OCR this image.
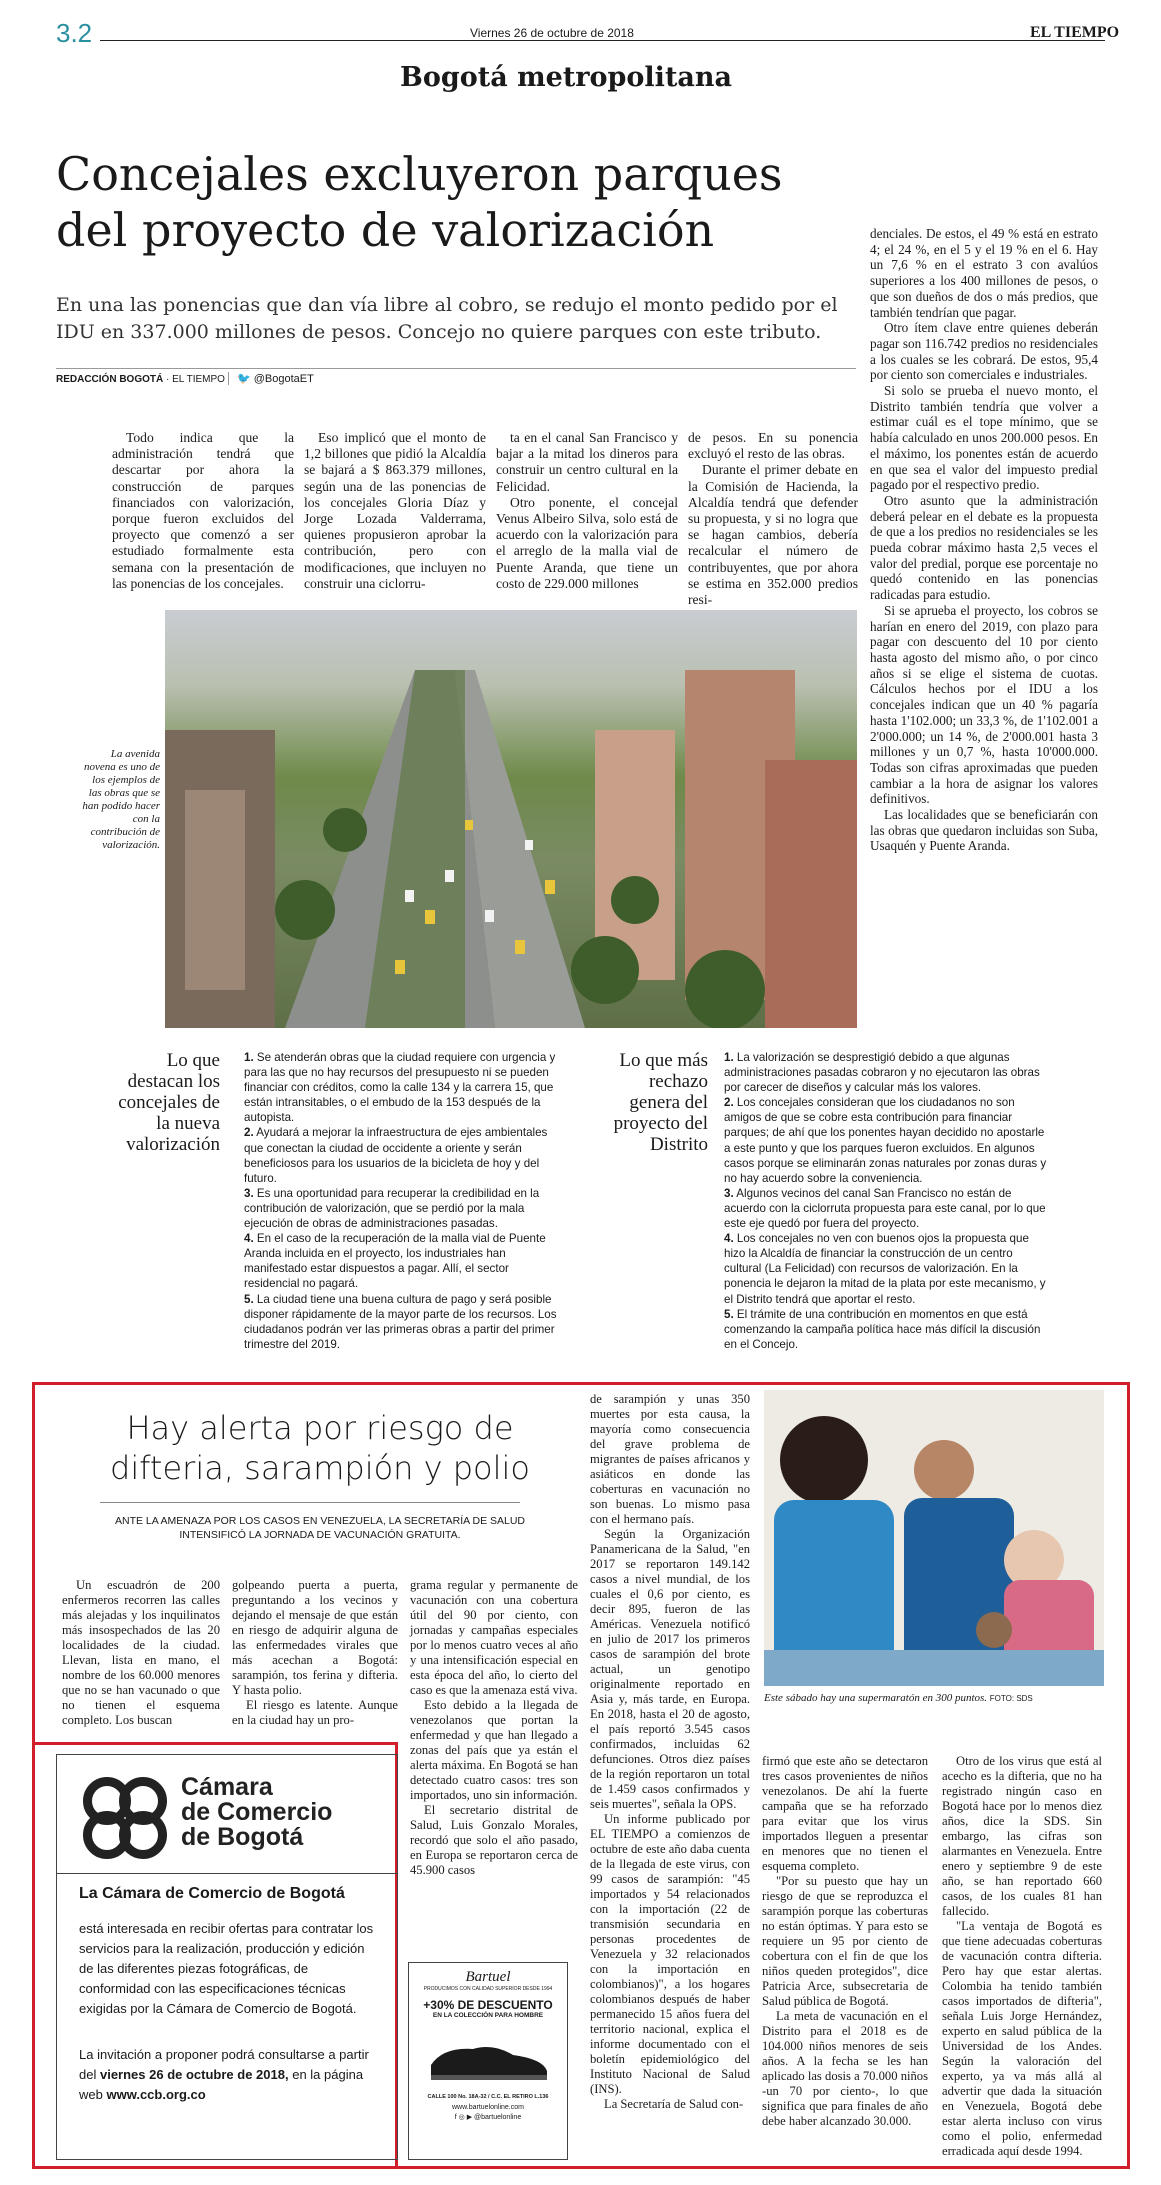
3.2	Viernes 26 de octubre de 2018	EL TIEMPO
Bogotá metropolitana
Concejales excluyeron parques
del proyecto de valorización
En una las ponencias que dan vía libre al cobro, se redujo el monto pedido por el IDU en 337.000 millones de pesos. Concejo no quiere parques con este tributo.
REDACCIÓN BOGOTÁ · EL TIEMPO	🐦 @BogotaET

Todo indica que la administración tendrá que descartar por ahora la construcción de parques financiados con valorización, porque fueron excluidos del proyecto que comenzó a ser estudiado formalmente esta semana con la presentación de las ponencias de los concejales.

Eso implicó que el monto de 1,2 billones que pidió la Alcaldía se bajará a $ 863.379 millones, según una de las ponencias de los concejales Gloria Díaz y Jorge Lozada Valderrama, quienes propusieron aprobar la contribución, pero con modificaciones, que incluyen no construir una ciclorru-

ta en el canal San Francisco y bajar a la mitad los dineros para construir un centro cultural en la Felicidad.

Otro ponente, el concejal Venus Albeiro Silva, solo está de acuerdo con la valorización para el arreglo de la malla vial de Puente Aranda, que tiene un costo de 229.000 millones

de pesos. En su ponencia excluyó el resto de las obras.

Durante el primer debate en la Comisión de Hacienda, la Alcaldía tendrá que defender su propuesta, y si no logra que se hagan cambios, debería recalcular el número de contribuyentes, que por ahora se estima en 352.000 predios resi-

denciales. De estos, el 49 % está en estrato 4; el 24 %, en el 5 y el 19 % en el 6. Hay un 7,6 % en el estrato 3 con avalúos superiores a los 400 millones de pesos, o que son dueños de dos o más predios, que también tendrían que pagar.

Otro ítem clave entre quienes deberán pagar son 116.742 predios no residenciales a los cuales se les cobrará. De estos, 95,4 por ciento son comerciales e industriales.

Si solo se prueba el nuevo monto, el Distrito también tendría que volver a estimar cuál es el tope mínimo, que se había calculado en unos 200.000 pesos. En el máximo, los ponentes están de acuerdo en que sea el valor del impuesto predial pagado por el respectivo predio.

Otro asunto que la administración deberá pelear en el debate es la propuesta de que a los predios no residenciales se les pueda cobrar máximo hasta 2,5 veces el valor del predial, porque ese porcentaje no quedó contenido en las ponencias radicadas para estudio.

Si se aprueba el proyecto, los cobros se harían en enero del 2019, con plazo para pagar con descuento del 10 por ciento hasta agosto del mismo año, o por cinco años si se elige el sistema de cuotas. Cálculos hechos por el IDU a los concejales indican que un 40 % pagaría hasta 1'102.000; un 33,3 %, de 1'102.001 a 2'000.000; un 14 %, de 2'000.001 hasta 3 millones y un 0,7 %, hasta 10'000.000. Todas son cifras aproximadas que pueden cambiar a la hora de asignar los valores definitivos.

Las localidades que se beneficiarán con las obras que quedaron incluidas son Suba, Usaquén y Puente Aranda.

La avenida novena es uno de los ejemplos de las obras que se han podido hacer con la contribución de valorización.
Lo que destacan los concejales de la nueva valorización
1. Se atenderán obras que la ciudad requiere con urgencia y para las que no hay recursos del presupuesto ni se pueden financiar con créditos, como la calle 134 y la carrera 15, que están intransitables, o el embudo de la 153 después de la autopista.
2. Ayudará a mejorar la infraestructura de ejes ambientales que conectan la ciudad de occidente a oriente y serán beneficiosos para los usuarios de la bicicleta de hoy y del futuro.
3. Es una oportunidad para recuperar la credibilidad en la contribución de valorización, que se perdió por la mala ejecución de obras de administraciones pasadas.
4. En el caso de la recuperación de la malla vial de Puente Aranda incluida en el proyecto, los industriales han manifestado estar dispuestos a pagar. Allí, el sector residencial no pagará.
5. La ciudad tiene una buena cultura de pago y será posible disponer rápidamente de la mayor parte de los recursos. Los ciudadanos podrán ver las primeras obras a partir del primer trimestre del 2019.
Lo que más rechazo genera del proyecto del Distrito
1. La valorización se desprestigió debido a que algunas administraciones pasadas cobraron y no ejecutaron las obras por carecer de diseños y calcular más los valores.
2. Los concejales consideran que los ciudadanos no son amigos de que se cobre esta contribución para financiar parques; de ahí que los ponentes hayan decidido no apostarle a este punto y que los parques fueron excluidos. En algunos casos porque se eliminarán zonas naturales por zonas duras y no hay acuerdo sobre la conveniencia.
3. Algunos vecinos del canal San Francisco no están de acuerdo con la ciclorruta propuesta para este canal, por lo que este eje quedó por fuera del proyecto.
4. Los concejales no ven con buenos ojos la propuesta que hizo la Alcaldía de financiar la construcción de un centro cultural (La Felicidad) con recursos de valorización. En la ponencia le dejaron la mitad de la plata por este mecanismo, y el Distrito tendrá que aportar el resto.
5. El trámite de una contribución en momentos en que está comenzando la campaña política hace más difícil la discusión en el Concejo.
Hay alerta por riesgo de
difteria, sarampión y polio
ANTE LA AMENAZA POR LOS CASOS EN VENEZUELA, LA SECRETARÍA DE SALUD INTENSIFICÓ LA JORNADA DE VACUNACIÓN GRATUITA.

Un escuadrón de 200 enfermeros recorren las calles más alejadas y los inquilinatos más insospechados de las 20 localidades de la ciudad. Llevan, lista en mano, el nombre de los 60.000 menores que no se han vacunado o que no tienen el esquema completo. Los buscan

golpeando puerta a puerta, preguntando a los vecinos y dejando el mensaje de que están en riesgo de adquirir alguna de las enfermedades virales que más acechan a Bogotá: sarampión, tos ferina y difteria. Y hasta polio.

El riesgo es latente. Aunque en la ciudad hay un pro-

grama regular y permanente de vacunación con una cobertura útil del 90 por ciento, con jornadas y campañas especiales por lo menos cuatro veces al año y una intensificación especial en esta época del año, lo cierto del caso es que la amenaza está viva.

Esto debido a la llegada de venezolanos que portan la enfermedad y que han llegado a zonas del país que ya están el alerta máxima. En Bogotá se han detectado cuatro casos: tres son importados, uno sin información.

El secretario distrital de Salud, Luis Gonzalo Morales, recordó que solo el año pasado, en Europa se reportaron cerca de 45.900 casos

de sarampión y unas 350 muertes por esta causa, la mayoría como consecuencia del grave problema de migrantes de países africanos y asiáticos en donde las coberturas en vacunación no son buenas. Lo mismo pasa con el hermano país.

Según la Organización Panamericana de la Salud, "en 2017 se reportaron 149.142 casos a nivel mundial, de los cuales el 0,6 por ciento, es decir 895, fueron de las Américas. Venezuela notificó en julio de 2017 los primeros casos de sarampión del brote actual, un genotipo originalmente reportado en Asia y, más tarde, en Europa. En 2018, hasta el 20 de agosto, el país reportó 3.545 casos confirmados, incluidas 62 defunciones. Otros diez países de la región reportaron un total de 1.459 casos confirmados y seis muertes", señala la OPS.

Un informe publicado por EL TIEMPO a comienzos de octubre de este año daba cuenta de la llegada de este virus, con 99 casos de sarampión: "45 importados y 54 relacionados con la importación (22 de transmisión secundaria en personas procedentes de Venezuela y 32 relacionados con la importación en colombianos)", a los hogares colombianos después de haber permanecido 15 años fuera del territorio nacional, explica el informe documentado con el boletín epidemiológico del Instituto Nacional de Salud (INS).

La Secretaría de Salud con-

firmó que este año se detectaron tres casos provenientes de niños venezolanos. De ahí la fuerte campaña que se ha reforzado para evitar que los virus importados lleguen a presentar en menores que no tienen el esquema completo.

"Por su puesto que hay un riesgo de que se reproduzca el sarampión porque las coberturas no están óptimas. Y para esto se requiere un 95 por ciento de cobertura con el fin de que los niños queden protegidos", dice Patricia Arce, subsecretaria de Salud pública de Bogotá.

La meta de vacunación en el Distrito para el 2018 es de 104.000 niños menores de seis años. A la fecha se les han aplicado las dosis a 70.000 niños -un 70 por ciento-, lo que significa que para finales de año debe haber alcanzado 30.000.

Otro de los virus que está al acecho es la difteria, que no ha registrado ningún caso en Bogotá hace por lo menos diez años, dice la SDS. Sin embargo, las cifras son alarmantes en Venezuela. Entre enero y septiembre 9 de este año, se han reportado 660 casos, de los cuales 81 han fallecido.

"La ventaja de Bogotá es que tiene adecuadas coberturas de vacunación contra difteria. Pero hay que estar alertas. Colombia ha tenido también casos importados de difteria", señala Luis Jorge Hernández, experto en salud pública de la Universidad de los Andes. Según la valoración del experto, ya va más allá al advertir que dada la situación en Venezuela, Bogotá debe estar alerta incluso con virus como el polio, enfermedad erradicada aquí desde 1994.

Este sábado hay una supermaratón en 300 puntos. FOTO: SDS
Cámara
de Comercio
de Bogotá
La Cámara de Comercio de Bogotá
está interesada en recibir ofertas para contratar los servicios para la realización, producción y edición de las diferentes piezas fotográficas, de conformidad con las especificaciones técnicas exigidas por la Cámara de Comercio de Bogotá.
La invitación a proponer podrá consultarse a partir del viernes 26 de octubre de 2018, en la página web www.ccb.org.co
Bartuel
PRODUCIMOS CON CALIDAD SUPERIOR DESDE 1994
+30% DE DESCUENTO
EN LA COLECCIÓN PARA HOMBRE
CALLE 100 No. 18A-32 / C.C. EL RETIRO L.136
www.bartuelonline.com
f ◎ ▶ @bartuelonline
